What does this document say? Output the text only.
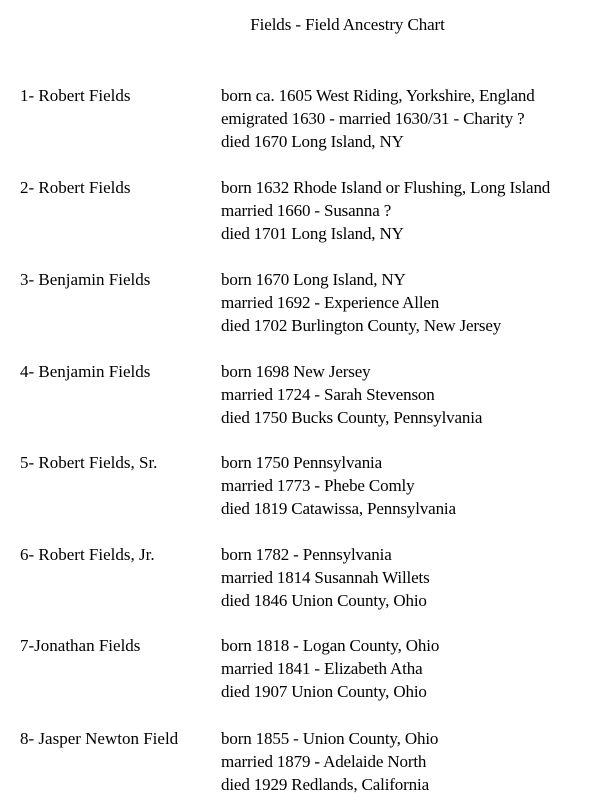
Fields - Field Ancestry Chart
1- Robert Fields	born ca. 1605 West Riding, Yorkshire, England
emigrated 1630 - married 1630/31 - Charity ?
died 1670 Long Island, NY
2- Robert Fields	born 1632 Rhode Island or Flushing, Long Island
married 1660 - Susanna ?
died 1701 Long Island, NY
3- Benjamin Fields	born 1670 Long Island, NY
married 1692 - Experience Allen
died 1702 Burlington County, New Jersey
4- Benjamin Fields	born 1698 New Jersey
married 1724 - Sarah Stevenson
died 1750 Bucks County, Pennsylvania
5- Robert Fields, Sr.	born 1750 Pennsylvania
married 1773 - Phebe Comly
died 1819 Catawissa, Pennsylvania
6- Robert Fields, Jr.	born 1782 - Pennsylvania
married 1814 Susannah Willets
died 1846 Union County, Ohio
7-Jonathan Fields	born 1818 - Logan County, Ohio
married 1841 - Elizabeth Atha
died 1907 Union County, Ohio
8- Jasper Newton Field	born 1855 - Union County, Ohio
married 1879 - Adelaide North
died 1929 Redlands, California
